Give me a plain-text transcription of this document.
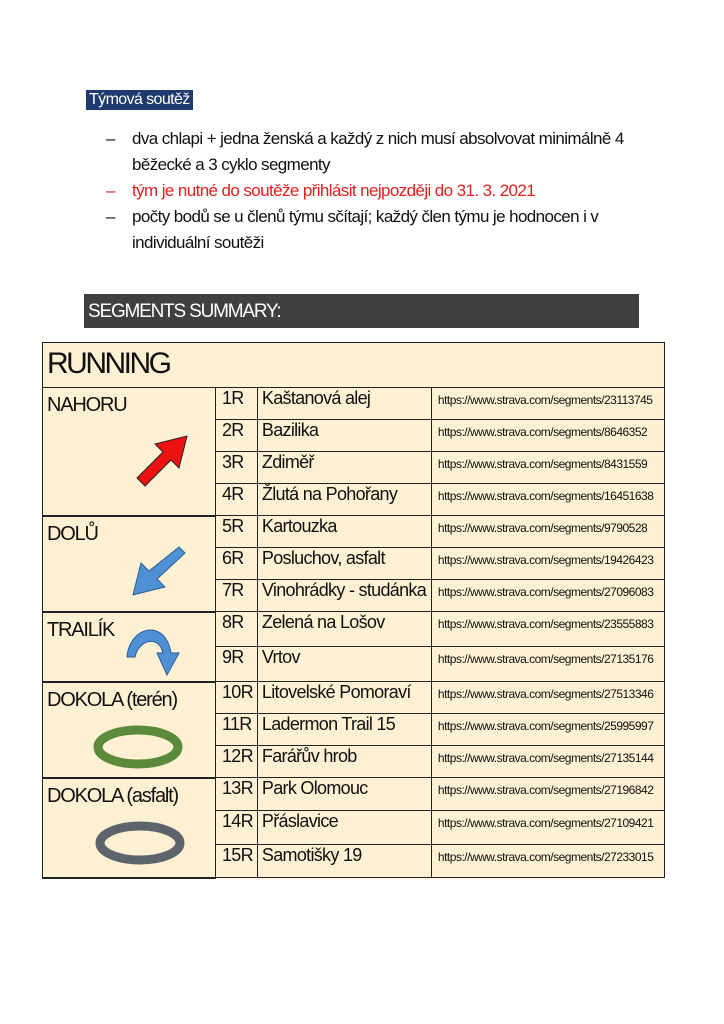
Týmová soutěž
–	dva chlapi + jedna ženská a každý z nich musí absolvovat minimálně 4 běžecké a 3 cyklo segmenty
–	tým je nutné do soutěže přihlásit nejpozději do 31. 3. 2021
–	počty bodů se u členů týmu sčítají; každý člen týmu je hodnocen i v individuální soutěži
SEGMENTS SUMMARY:
RUNNING			

NAHORU	1R	Kaštanová alej	https://www.strava.com/segments/23113745
	2R	Bazilika	https://www.strava.com/segments/8646352
	3R	Zdiměř	https://www.strava.com/segments/8431559
	4R	Žlutá na Pohořany	https://www.strava.com/segments/16451638

DOLŮ	5R	Kartouzka	https://www.strava.com/segments/9790528
	6R	Posluchov, asfalt	https://www.strava.com/segments/19426423
	7R	Vinohrádky - studánka	https://www.strava.com/segments/27096083

TRAILÍK	8R	Zelená na Lošov	https://www.strava.com/segments/23555883
	9R	Vrtov	https://www.strava.com/segments/27135176

DOKOLA (terén)	10R	Litovelské Pomoraví	https://www.strava.com/segments/27513346
	11R	Ladermon Trail 15	https://www.strava.com/segments/25995997
	12R	Farářův hrob	https://www.strava.com/segments/27135144

DOKOLA (asfalt)	13R	Park Olomouc	https://www.strava.com/segments/27196842
	14R	Přáslavice	https://www.strava.com/segments/27109421
	15R	Samotišky 19	https://www.strava.com/segments/27233015
